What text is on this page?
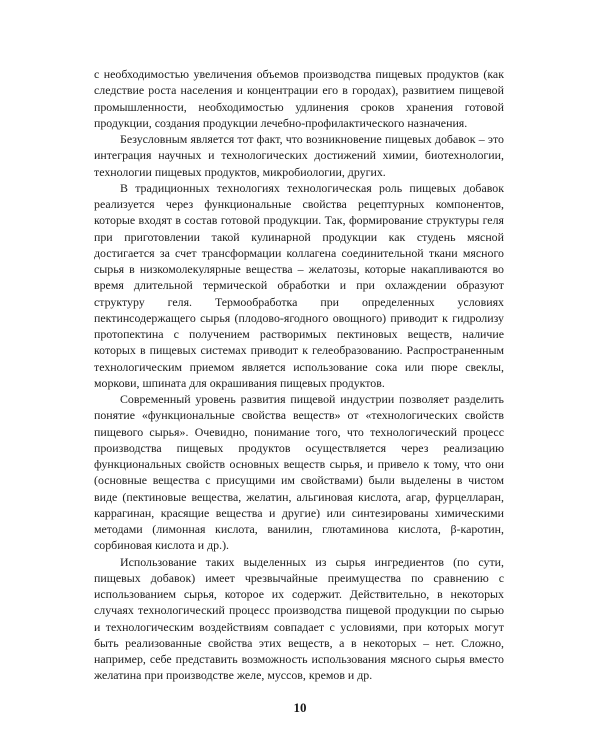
с необходимостью увеличения объемов производства пищевых продуктов (как следствие роста населения и концентрации его в городах), развитием пищевой промышленности, необходимостью удлинения сроков хранения готовой продукции, создания продукции лечебно-профилактического назначения.

Безусловным является тот факт, что возникновение пищевых добавок – это интеграция научных и технологических достижений химии, биотехнологии, технологии пищевых продуктов, микробиологии, других.

В традиционных технологиях технологическая роль пищевых добавок реализуется через функциональные свойства рецептурных компонентов, которые входят в состав готовой продукции. Так, формирование структуры геля при приготовлении такой кулинарной продукции как студень мясной достигается за счет трансформации коллагена соединительной ткани мясного сырья в низкомолекулярные вещества – желатозы, которые накапливаются во время длительной термической обработки и при охлаждении образуют структуру геля. Термообработка при определенных условиях пектинсодержащего сырья (плодово-ягодного овощного) приводит к гидролизу протопектина с получением растворимых пектиновых веществ, наличие которых в пищевых системах приводит к гелеобразованию. Распространенным технологическим приемом является использование сока или пюре свеклы, моркови, шпината для окрашивания пищевых продуктов.

Современный уровень развития пищевой индустрии позволяет разделить понятие «функциональные свойства веществ» от «технологических свойств пищевого сырья». Очевидно, понимание того, что технологический процесс производства пищевых продуктов осуществляется через реализацию функциональных свойств основных веществ сырья, и привело к тому, что они (основные вещества с присущими им свойствами) были выделены в чистом виде (пектиновые вещества, желатин, альгиновая кислота, агар, фурцелларан, каррагинан, красящие вещества и другие) или синтезированы химическими методами (лимонная кислота, ванилин, глютаминова кислота, β-каротин, сорбиновая кислота и др.).

Использование таких выделенных из сырья ингредиентов (по сути, пищевых добавок) имеет чрезвычайные преимущества по сравнению с использованием сырья, которое их содержит. Действительно, в некоторых случаях технологический процесс производства пищевой продукции по сырью и технологическим воздействиям совпадает с условиями, при которых могут быть реализованные свойства этих веществ, а в некоторых – нет. Сложно, например, себе представить возможность использования мясного сырья вместо желатина при производстве желе, муссов, кремов и др.

10
